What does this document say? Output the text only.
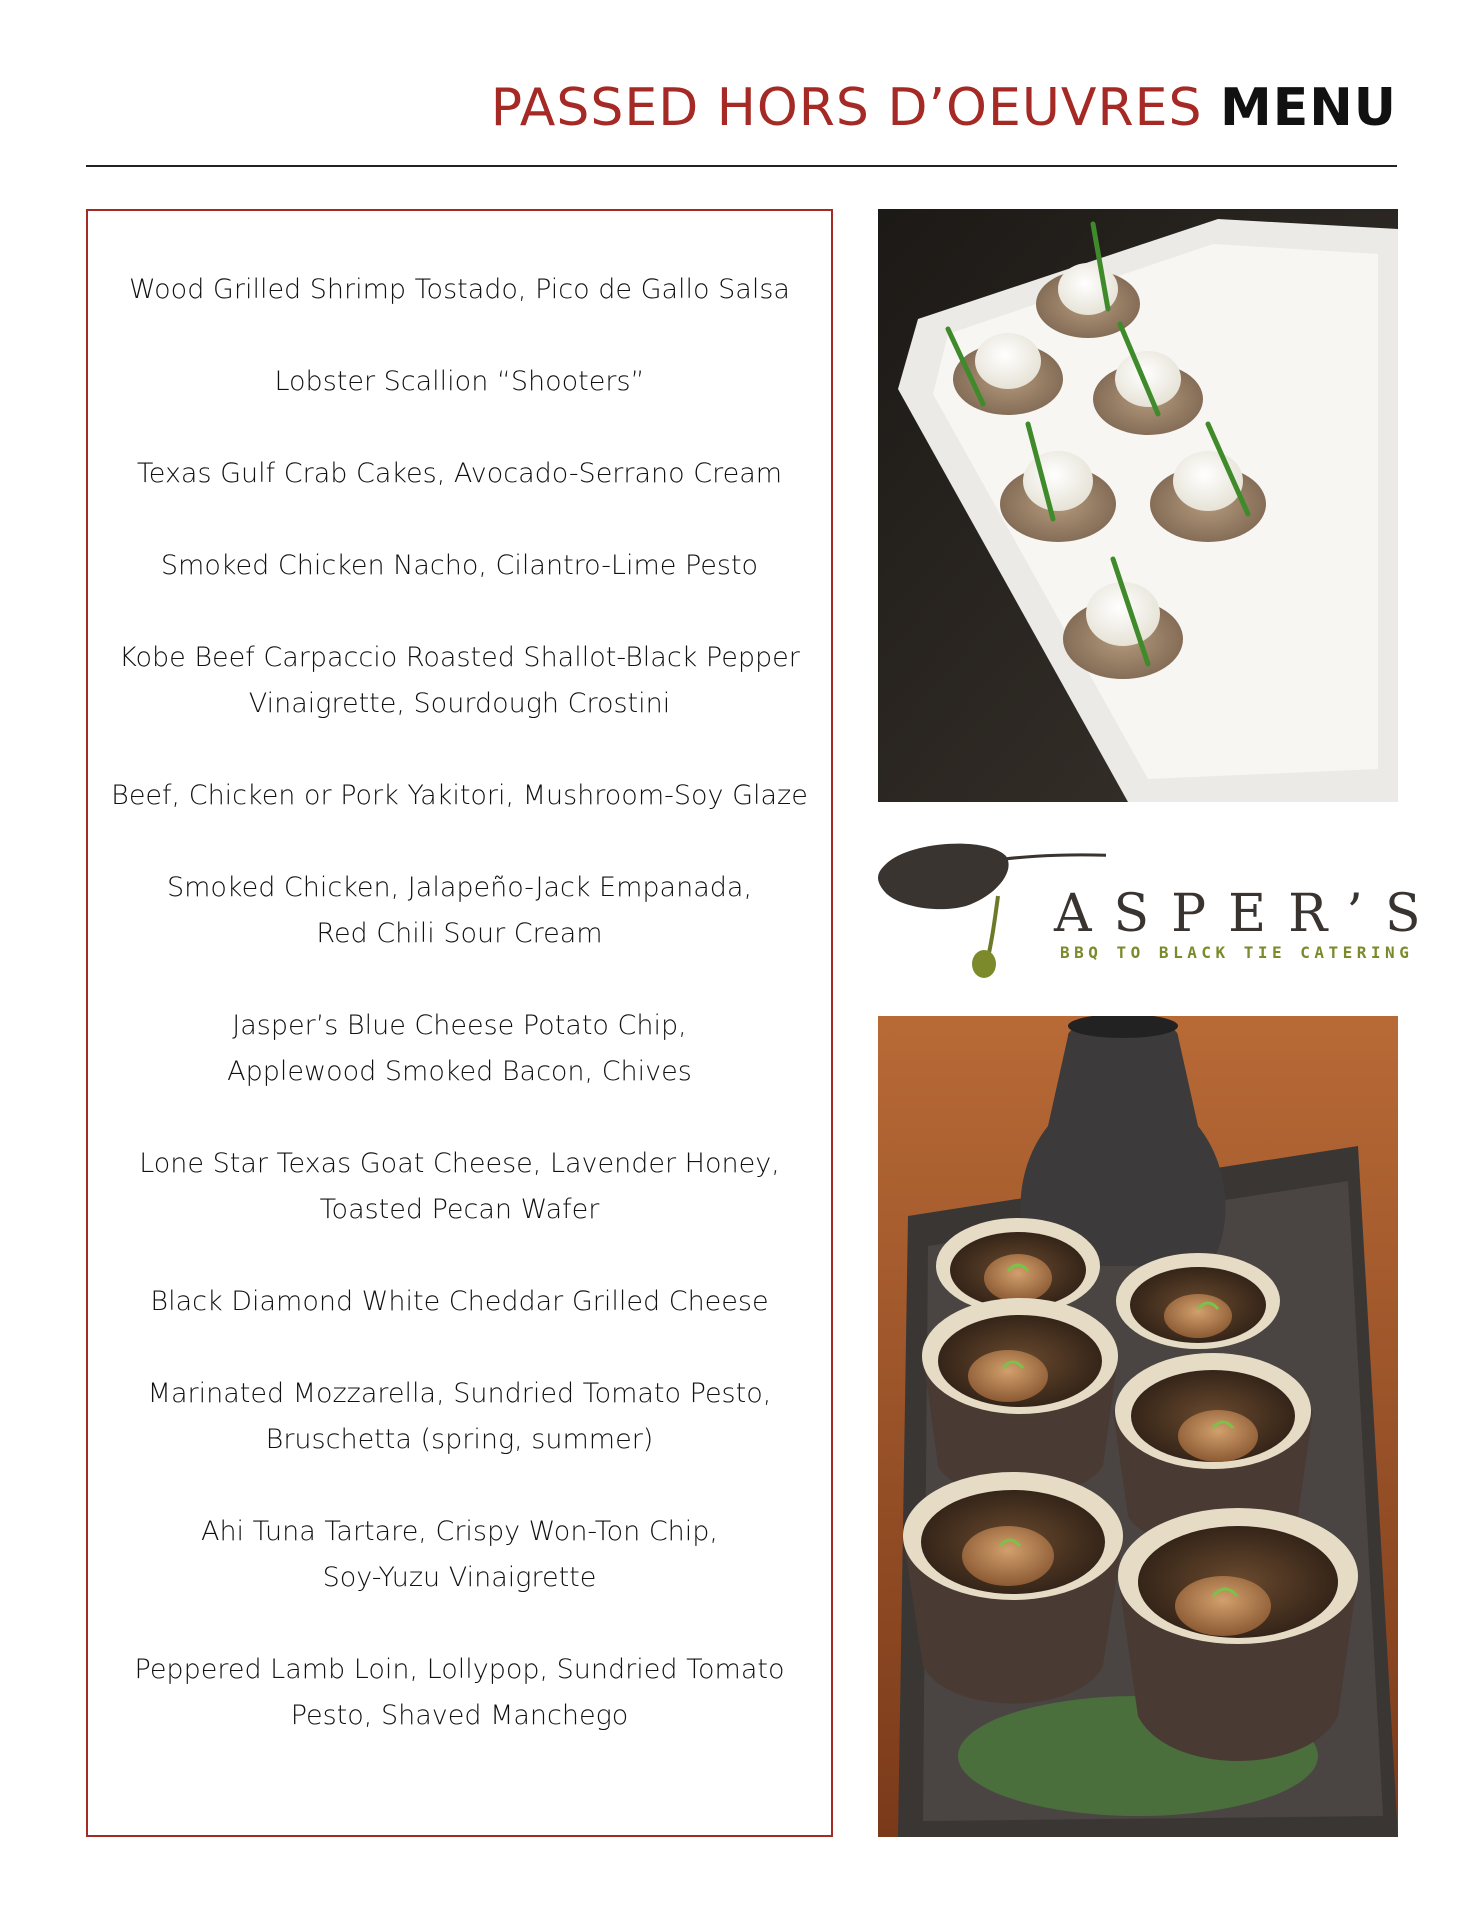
PASSED HORS D’OEUVRES MENU
Wood Grilled Shrimp Tostado, Pico de Gallo Salsa
Lobster Scallion “Shooters”
Texas Gulf Crab Cakes, Avocado-Serrano Cream
Smoked Chicken Nacho, Cilantro-Lime Pesto
Kobe Beef Carpaccio Roasted Shallot-Black Pepper
Vinaigrette, Sourdough Crostini
Beef, Chicken or Pork Yakitori, Mushroom-Soy Glaze
Smoked Chicken, Jalapeño-Jack Empanada,
Red Chili Sour Cream
Jasper’s Blue Cheese Potato Chip,
Applewood Smoked Bacon, Chives
Lone Star Texas Goat Cheese, Lavender Honey,
Toasted Pecan Wafer
Black Diamond White Cheddar Grilled Cheese
Marinated Mozzarella, Sundried Tomato Pesto,
Bruschetta (spring, summer)
Ahi Tuna Tartare, Crispy Won-Ton Chip,
Soy-Yuzu Vinaigrette
Peppered Lamb Loin, Lollypop, Sundried Tomato
Pesto, Shaved Manchego
ASPER’S
BBQ TO BLACK TIE CATERING
